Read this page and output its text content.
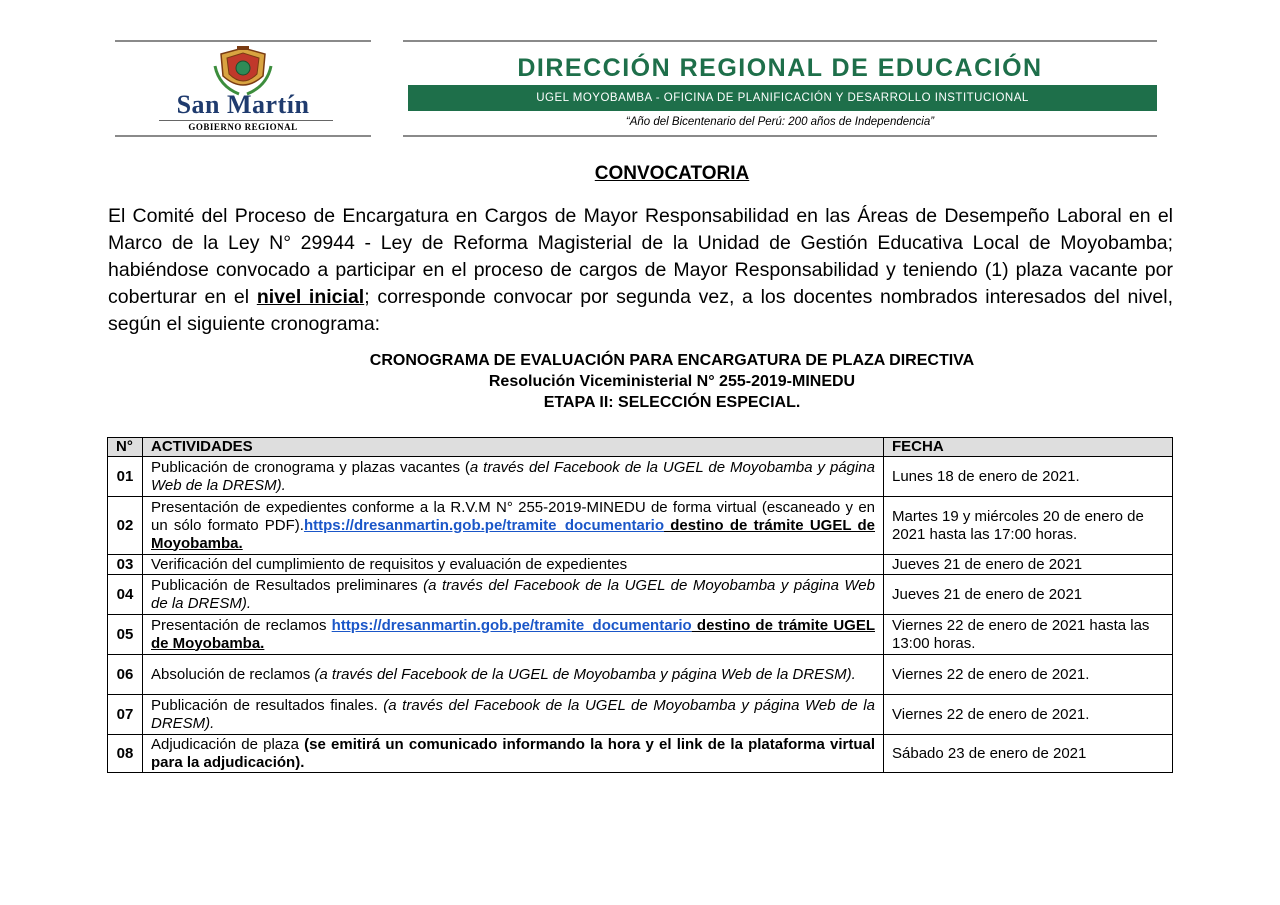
San Martín
GOBIERNO REGIONAL
DIRECCIÓN REGIONAL DE EDUCACIÓN
UGEL MOYOBAMBA - OFICINA DE PLANIFICACIÓN Y DESARROLLO INSTITUCIONAL
“Año del Bicentenario del Perú: 200 años de Independencia”
CONVOCATORIA

El Comité del Proceso de Encargatura en Cargos de Mayor Responsabilidad en las Áreas de Desempeño Laboral en el Marco de la Ley N° 29944 - Ley de Reforma Magisterial de la Unidad de Gestión Educativa Local de Moyobamba; habiéndose convocado a participar en el proceso de cargos de Mayor Responsabilidad y teniendo (1) plaza vacante por coberturar en el nivel inicial; corresponde convocar por segunda vez, a los docentes nombrados interesados del nivel, según el siguiente cronograma:

CRONOGRAMA DE EVALUACIÓN PARA ENCARGATURA DE PLAZA DIRECTIVA
Resolución Viceministerial N° 255-2019-MINEDU
ETAPA II: SELECCIÓN ESPECIAL.
N°	ACTIVIDADES	FECHA
01	Publicación de cronograma y plazas vacantes (a través del Facebook de la UGEL de Moyobamba y página Web de la DRESM).	Lunes 18 de enero de 2021.
02	Presentación de expedientes conforme a la R.V.M N° 255-2019-MINEDU de forma virtual (escaneado y en un sólo formato PDF).https://dresanmartin.gob.pe/tramite_documentario destino de trámite UGEL de Moyobamba.	Martes 19 y miércoles 20 de enero de 2021 hasta las 17:00 horas.
03	Verificación del cumplimiento de requisitos y evaluación de expedientes	Jueves 21 de enero de 2021
04	Publicación de Resultados preliminares (a través del Facebook de la UGEL de Moyobamba y página Web de la DRESM).	Jueves 21 de enero de 2021
05	Presentación de reclamos https://dresanmartin.gob.pe/tramite_documentario destino de trámite UGEL de Moyobamba.	Viernes 22 de enero de 2021 hasta las 13:00 horas.
06	Absolución de reclamos (a través del Facebook de la UGEL de Moyobamba y página Web de la DRESM).	Viernes 22 de enero de 2021.
07	Publicación de resultados finales. (a través del Facebook de la UGEL de Moyobamba y página Web de la DRESM).	Viernes 22 de enero de 2021.
08	Adjudicación de plaza (se emitirá un comunicado informando la hora y el link de la plataforma virtual para la adjudicación).	Sábado 23 de enero de 2021
